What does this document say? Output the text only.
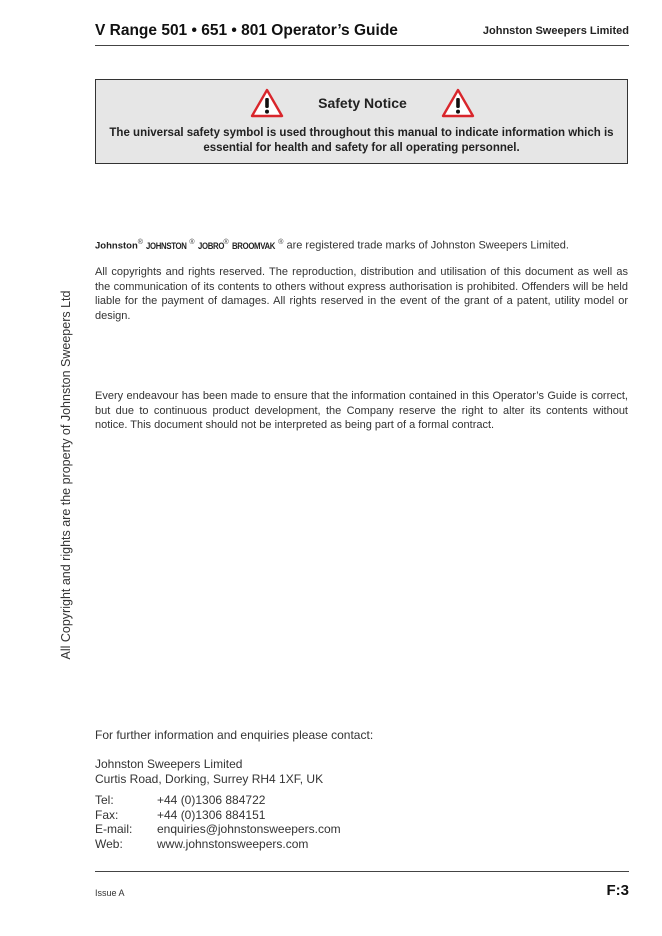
V Range 501 • 651 • 801 Operator’s Guide	Johnston Sweepers Limited
Safety Notice
The universal safety symbol is used throughout this manual to indicate information which is essential for health and safety for all operating personnel.
Johnston® JOHNSTON ® JOBRO® BROOMVAK ® are registered trade marks of Johnston Sweepers Limited.
All copyrights and rights reserved. The reproduction, distribution and utilisation of this document as well as the communication of its contents to others without express authorisation is prohibited. Offenders will be held liable for the payment of damages. All rights reserved in the event of the grant of a patent, utility model or design.
Every endeavour has been made to ensure that the information contained in this Operator’s Guide is correct, but due to continuous product development, the Company reserve the right to alter its contents without notice. This document should not be interpreted as being part of a formal contract.
All Copyright and rights are the property of Johnston Sweepers Ltd
For further information and enquiries please contact:
Johnston Sweepers Limited
Curtis Road, Dorking, Surrey RH4 1XF, UK
Tel:	+44 (0)1306 884722
Fax:	+44 (0)1306 884151
E-mail: enquiries@johnstonsweepers.com
Web:	www.johnstonsweepers.com
Issue A	F:3
